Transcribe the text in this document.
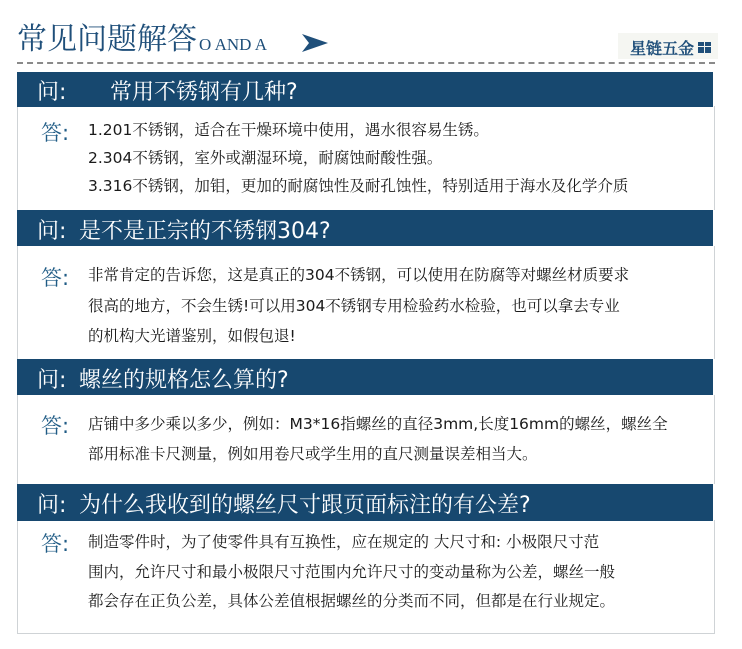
常见问题解答 O AND A	星链五金
问: 常用不锈钢有几种?
答: 1.201不锈钢，适合在干燥环境中使用，遇水很容易生锈。
2.304不锈钢，室外或潮湿环境，耐腐蚀耐酸性强。
3.316不锈钢，加钼，更加的耐腐蚀性及耐孔蚀性，特别适用于海水及化学介质
问: 是不是正宗的不锈钢304?
答: 非常肯定的告诉您，这是真正的304不锈钢，可以使用在防腐等对螺丝材质要求
很高的地方，不会生锈!可以用304不锈钢专用检验药水检验，也可以拿去专业
的机构大光谱鉴别，如假包退!
问: 螺丝的规格怎么算的?
答: 店铺中多少乘以多少，例如：M3*16指螺丝的直径3mm,长度16mm的螺丝，螺丝全
部用标准卡尺测量，例如用卷尺或学生用的直尺测量误差相当大。
问: 为什么我收到的螺丝尺寸跟页面标注的有公差?
答: 制造零件时，为了使零件具有互换性，应在规定的 大尺寸和: 小极限尺寸范
围内，允许尺寸和最小极限尺寸范围内允许尺寸的变动量称为公差，螺丝一般
都会存在正负公差，具体公差值根据螺丝的分类而不同，但都是在行业规定。
